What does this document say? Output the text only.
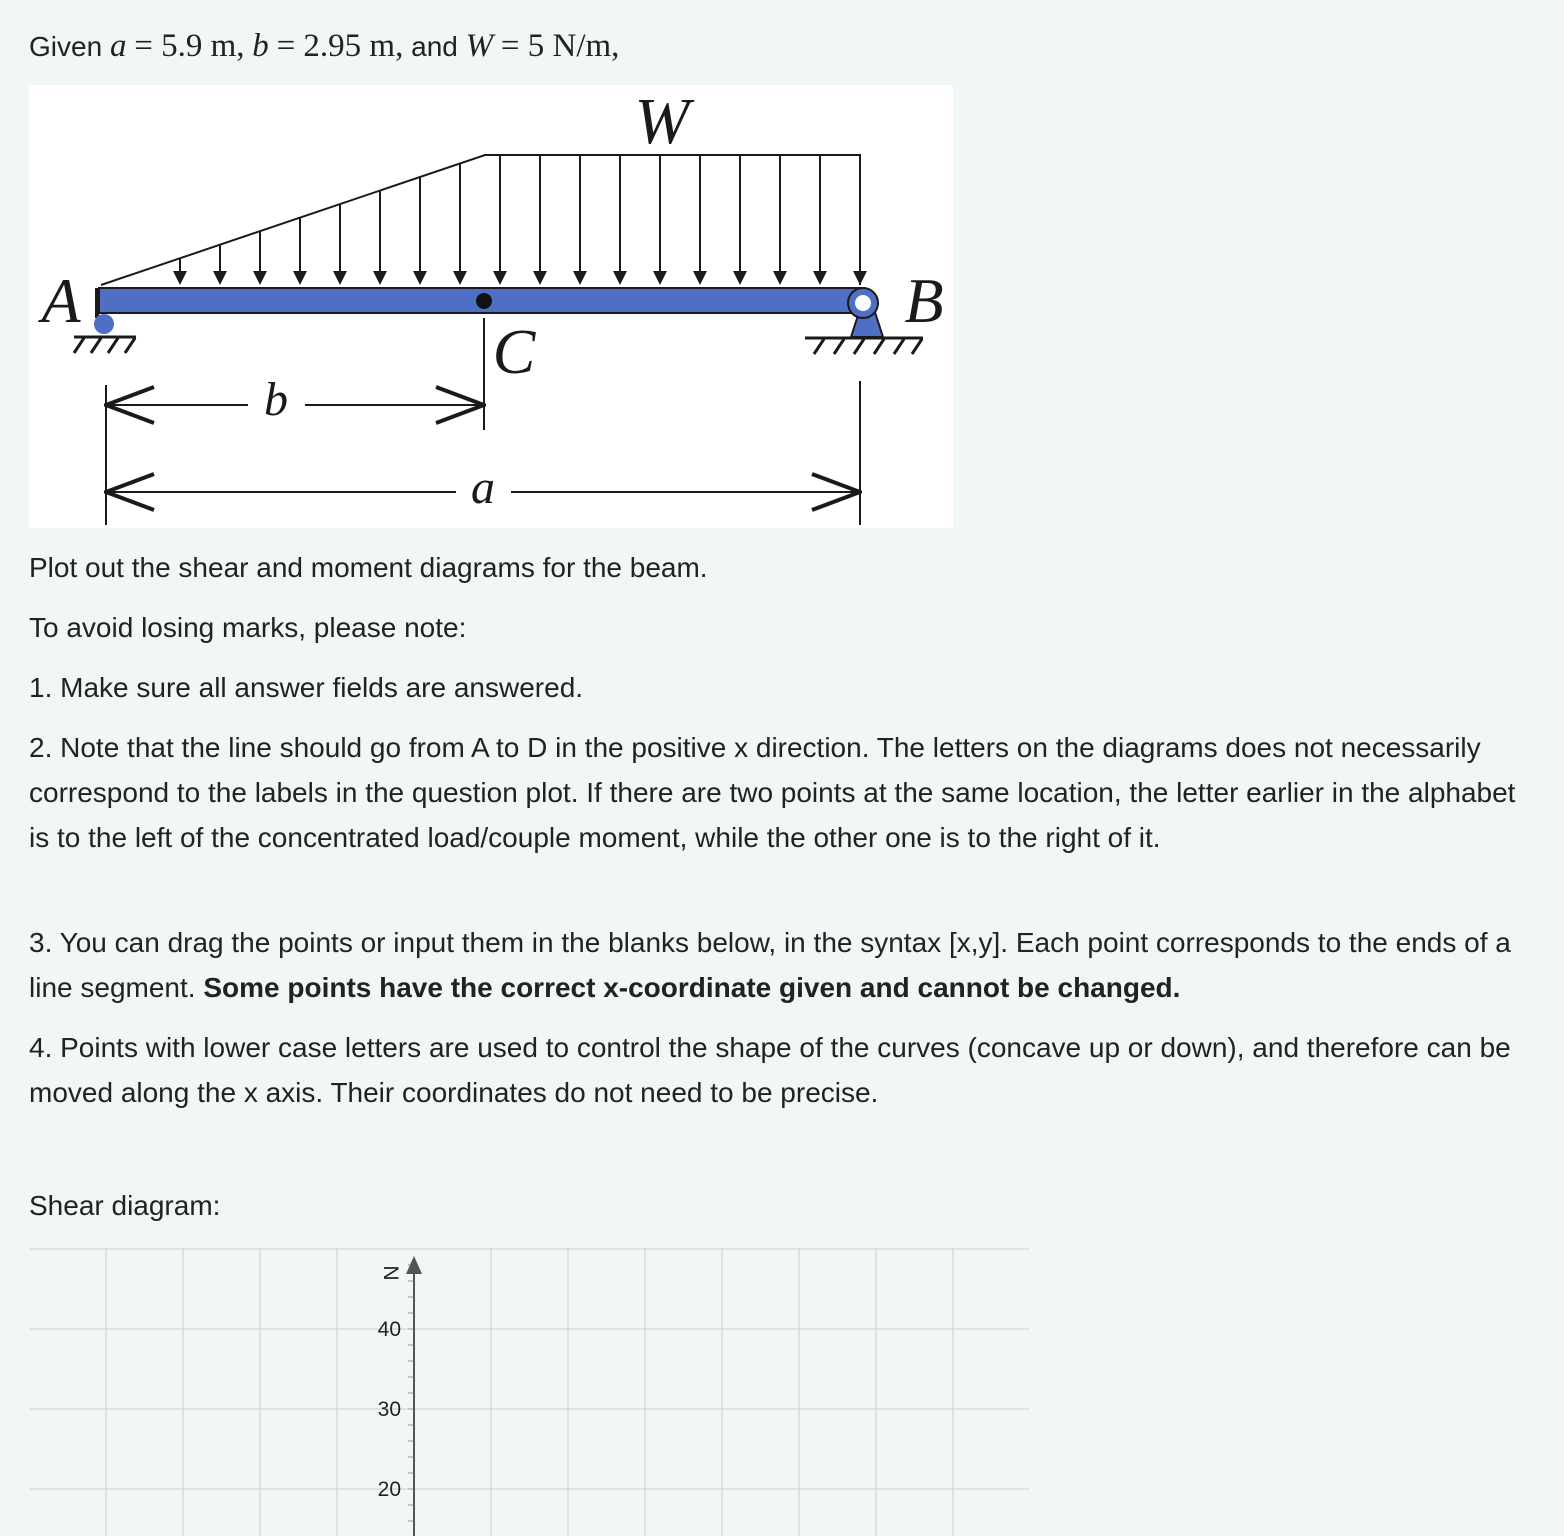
Given a = 5.9 m, b = 2.95 m, and W = 5 N/m,
W
A	B
C
b
a
Plot out the shear and moment diagrams for the beam.
To avoid losing marks, please note:
1. Make sure all answer fields are answered.
2. Note that the line should go from A to D in the positive x direction. The letters on the diagrams does not necessarily correspond to the labels in the question plot. If there are two points at the same location, the letter earlier in the alphabet is to the left of the concentrated load/couple moment, while the other one is to the right of it.
3. You can drag the points or input them in the blanks below, in the syntax [x,y]. Each point corresponds to the ends of a line segment. Some points have the correct x-coordinate given and cannot be changed.
4. Points with lower case letters are used to control the shape of the curves (concave up or down), and therefore can be moved along the x axis. Their coordinates do not need to be precise.
Shear diagram:
N
40
30
20
